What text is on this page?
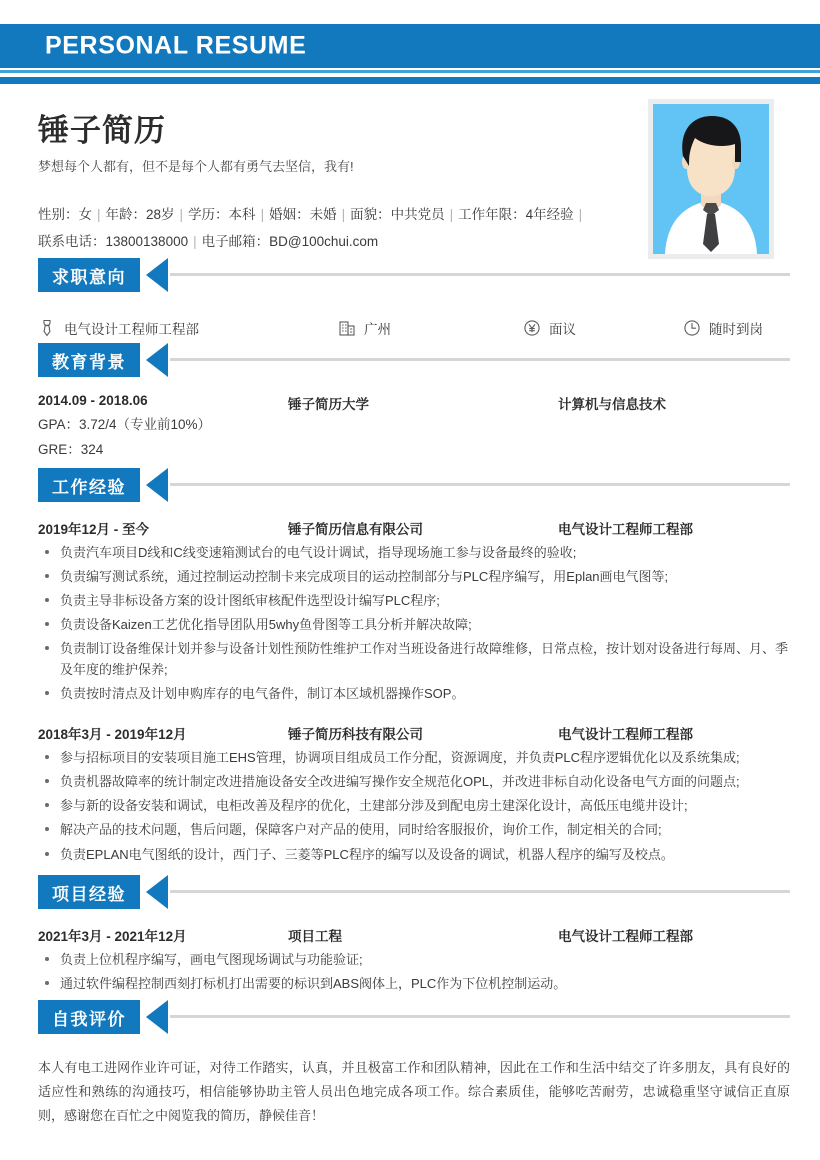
PERSONAL RESUME
锤子简历
梦想每个人都有，但不是每个人都有勇气去坚信，我有!
性别：女 | 年龄：28岁 | 学历：本科 | 婚姻：未婚 | 面貌：中共党员 | 工作年限：4年经验 |
联系电话：13800138000 | 电子邮箱：BD@100chui.com
求职意向
电气设计工程师工程部	广州	面议	随时到岗
教育背景
2014.09 - 2018.06	锤子简历大学	计算机与信息技术
GPA：3.72/4（专业前10%）
GRE：324
工作经验
2019年12月 - 至今	锤子简历信息有限公司	电气设计工程师工程部
负责汽车项目D线和C线变速箱测试台的电气设计调试，指导现场施工参与设备最终的验收;
负责编写测试系统，通过控制运动控制卡来完成项目的运动控制部分与PLC程序编写，用Eplan画电气图等;
负责主导非标设备方案的设计图纸审核配件选型设计编写PLC程序;
负责设备Kaizen工艺优化指导团队用5why鱼骨图等工具分析并解决故障;
负责制订设备维保计划并参与设备计划性预防性维护工作对当班设备进行故障维修，日常点检，按计划对设备进行每周、月、季及年度的维护保养;
负责按时清点及计划申购库存的电气备件，制订本区域机器操作SOP。
2018年3月 - 2019年12月	锤子简历科技有限公司	电气设计工程师工程部
参与招标项目的安装项目施工EHS管理，协调项目组成员工作分配，资源调度，并负责PLC程序逻辑优化以及系统集成;
负责机器故障率的统计制定改进措施设备安全改进编写操作安全规范化OPL，并改进非标自动化设备电气方面的问题点;
参与新的设备安装和调试，电柜改善及程序的优化，土建部分涉及到配电房土建深化设计，高低压电缆井设计;
解决产品的技术问题，售后问题，保障客户对产品的使用，同时给客服报价，询价工作，制定相关的合同;
负责EPLAN电气图纸的设计，西门子、三菱等PLC程序的编写以及设备的调试，机器人程序的编写及校点。
项目经验
2021年3月 - 2021年12月	项目工程	电气设计工程师工程部
负责上位机程序编写，画电气图现场调试与功能验证;
通过软件编程控制西刻打标机打出需要的标识到ABS阀体上，PLC作为下位机控制运动。
自我评价
本人有电工进网作业许可证，对待工作踏实，认真，并且极富工作和团队精神，因此在工作和生活中结交了许多朋友，具有良好的适应性和熟练的沟通技巧，相信能够协助主管人员出色地完成各项工作。综合素质佳，能够吃苦耐劳，忠诚稳重坚守诚信正直原则，感谢您在百忙之中阅览我的简历，静候佳音！
